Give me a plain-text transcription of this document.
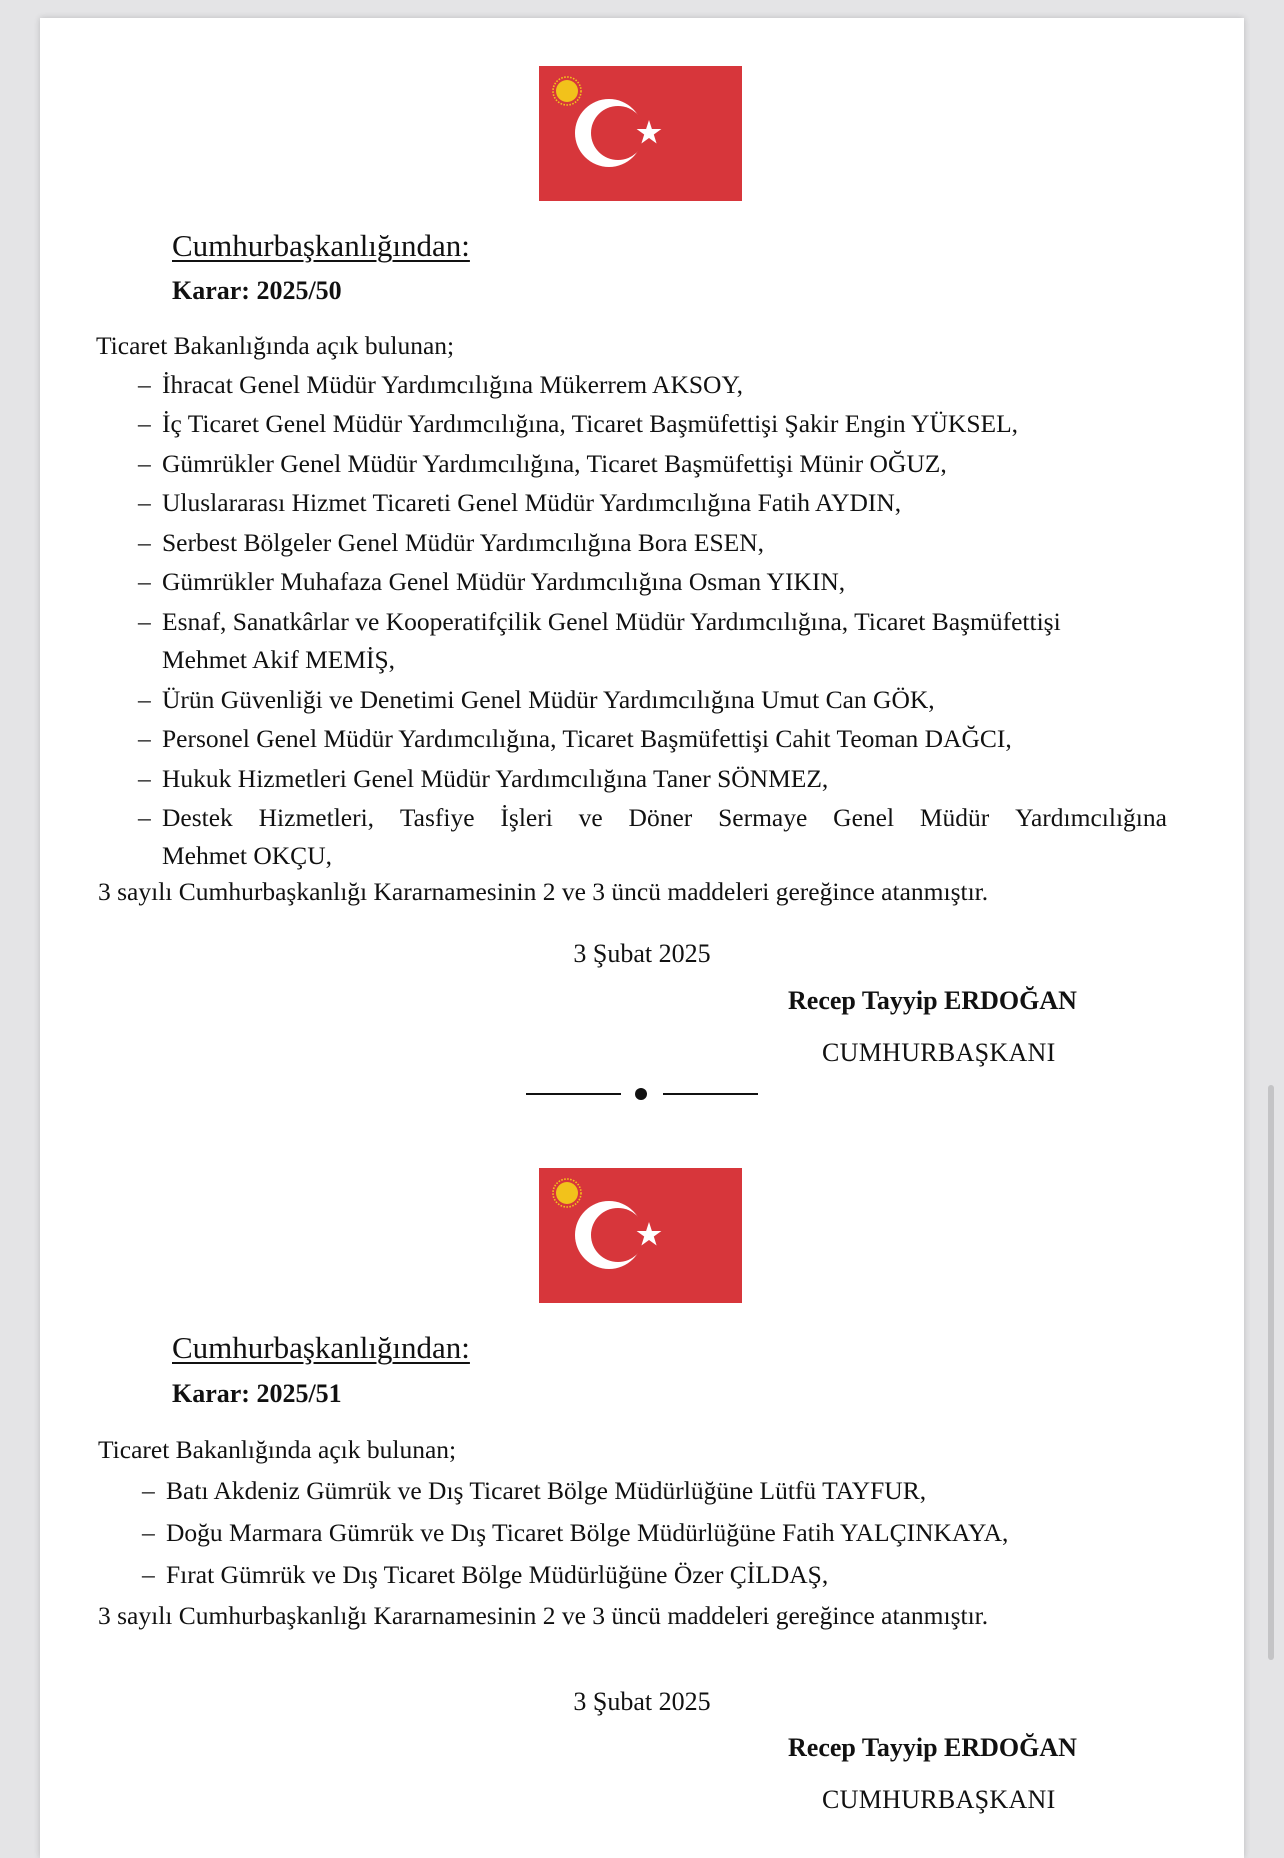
Cumhurbaşkanlığından:
Karar: 2025/50
Ticaret Bakanlığında açık bulunan;
– İhracat Genel Müdür Yardımcılığına Mükerrem AKSOY,
– İç Ticaret Genel Müdür Yardımcılığına, Ticaret Başmüfettişi Şakir Engin YÜKSEL,
– Gümrükler Genel Müdür Yardımcılığına, Ticaret Başmüfettişi Münir OĞUZ,
– Uluslararası Hizmet Ticareti Genel Müdür Yardımcılığına Fatih AYDIN,
– Serbest Bölgeler Genel Müdür Yardımcılığına Bora ESEN,
– Gümrükler Muhafaza Genel Müdür Yardımcılığına Osman YIKIN,
– Esnaf, Sanatkârlar ve Kooperatifçilik Genel Müdür Yardımcılığına, Ticaret Başmüfettişi
Mehmet Akif MEMİŞ,
– Ürün Güvenliği ve Denetimi Genel Müdür Yardımcılığına Umut Can GÖK,
– Personel Genel Müdür Yardımcılığına, Ticaret Başmüfettişi Cahit Teoman DAĞCI,
– Hukuk Hizmetleri Genel Müdür Yardımcılığına Taner SÖNMEZ,
– Destek Hizmetleri, Tasfiye İşleri ve Döner Sermaye Genel Müdür Yardımcılığına
Mehmet OKÇU,
3 sayılı Cumhurbaşkanlığı Kararnamesinin 2 ve 3 üncü maddeleri gereğince atanmıştır.
3 Şubat 2025
Recep Tayyip ERDOĞAN
CUMHURBAŞKANI
Cumhurbaşkanlığından:
Karar: 2025/51
Ticaret Bakanlığında açık bulunan;
– Batı Akdeniz Gümrük ve Dış Ticaret Bölge Müdürlüğüne Lütfü TAYFUR,
– Doğu Marmara Gümrük ve Dış Ticaret Bölge Müdürlüğüne Fatih YALÇINKAYA,
– Fırat Gümrük ve Dış Ticaret Bölge Müdürlüğüne Özer ÇİLDAŞ,
3 sayılı Cumhurbaşkanlığı Kararnamesinin 2 ve 3 üncü maddeleri gereğince atanmıştır.
3 Şubat 2025
Recep Tayyip ERDOĞAN
CUMHURBAŞKANI
